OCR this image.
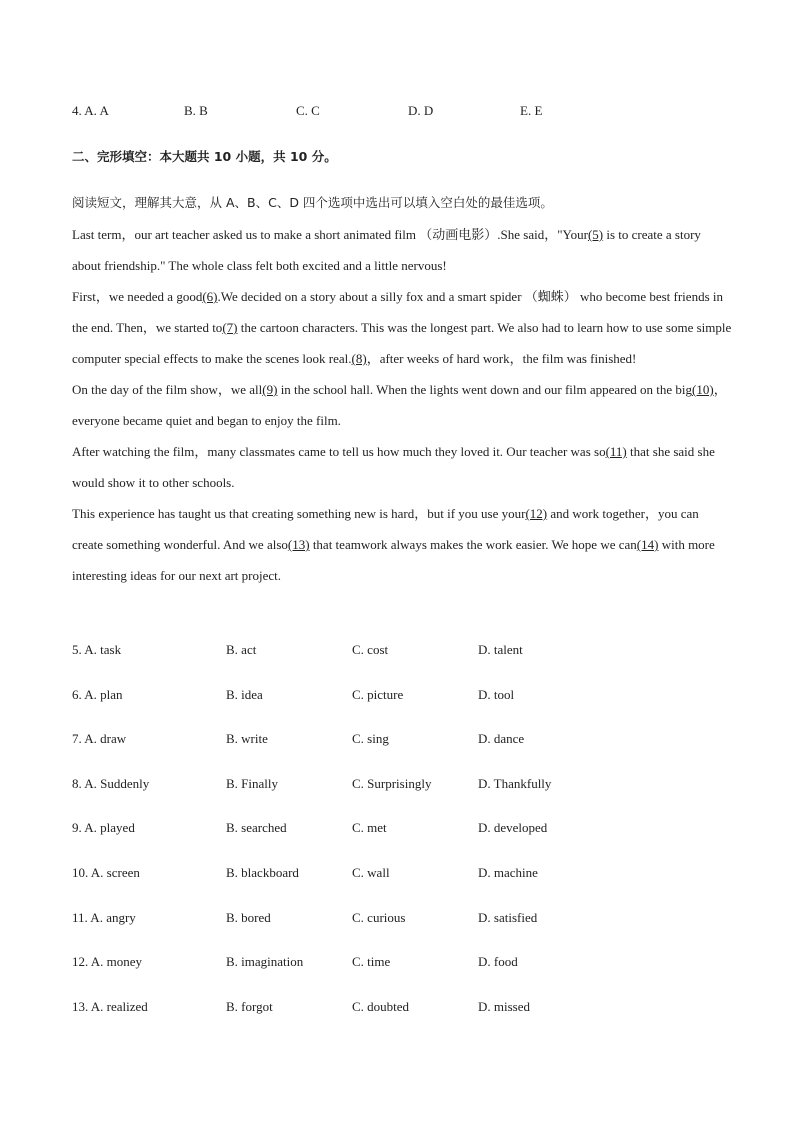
4. A. A	B. B	C. C	D. D	E. E
二、完形填空：本大题共 10 小题，共 10 分。
阅读短文，理解其大意，从 A、B、C、D 四个选项中选出可以填入空白处的最佳选项。
Last term，our art teacher asked us to make a short animated film （动画电影）.She said，"Your(5) is to create a story about friendship." The whole class felt both excited and a little nervous!
First，we needed a good(6).We decided on a story about a silly fox and a smart spider （蜘蛛） who become best friends in the end. Then，we started to(7) the cartoon characters. This was the longest part. We also had to learn how to use some simple computer special effects to make the scenes look real.(8)，after weeks of hard work，the film was finished!
On the day of the film show，we all(9) in the school hall. When the lights went down and our film appeared on the big(10)，everyone became quiet and began to enjoy the film.
After watching the film，many classmates came to tell us how much they loved it. Our teacher was so(11) that she said she would show it to other schools.
This experience has taught us that creating something new is hard，but if you use your(12) and work together，you can create something wonderful. And we also(13) that teamwork always makes the work easier. We hope we can(14) with more interesting ideas for our next art project.
5. A. task	B. act	C. cost	D. talent
6. A. plan	B. idea	C. picture	D. tool
7. A. draw	B. write	C. sing	D. dance
8. A. Suddenly	B. Finally	C. Surprisingly	D. Thankfully
9. A. played	B. searched	C. met	D. developed
10. A. screen	B. blackboard	C. wall	D. machine
11. A. angry	B. bored	C. curious	D. satisfied
12. A. money	B. imagination	C. time	D. food
13. A. realized	B. forgot	C. doubted	D. missed
